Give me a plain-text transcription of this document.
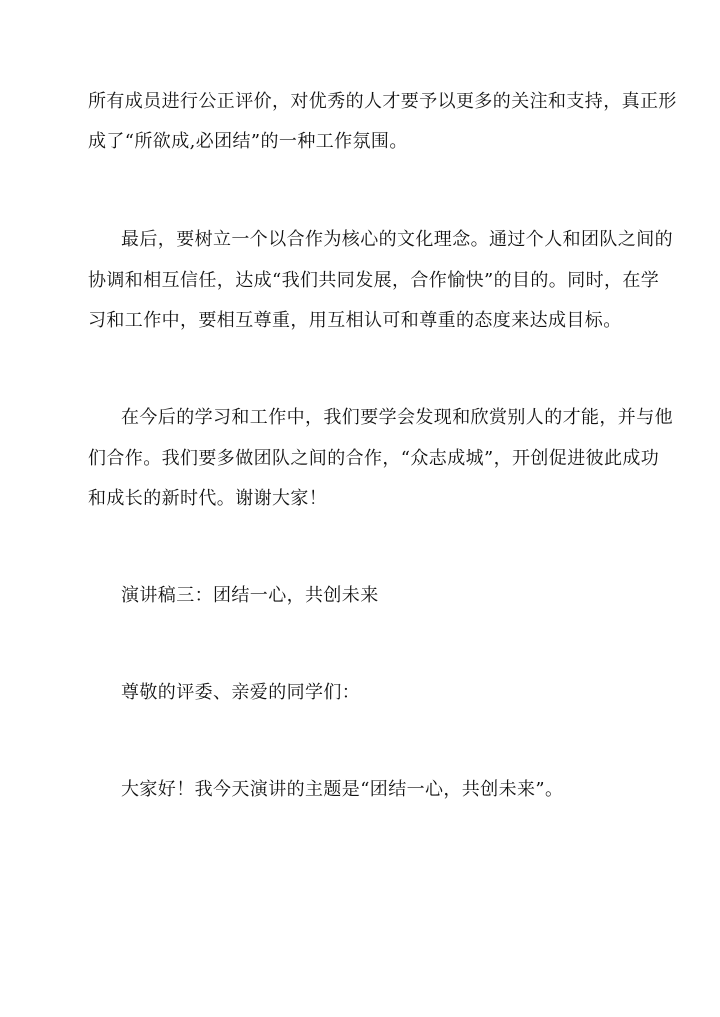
所有成员进行公正评价，对优秀的人才要予以更多的关注和支持，真正形
成了“所欲成,必团结”的一种工作氛围。
最后，要树立一个以合作为核心的文化理念。通过个人和团队之间的
协调和相互信任，达成“我们共同发展，合作愉快”的目的。同时，在学
习和工作中，要相互尊重，用互相认可和尊重的态度来达成目标。
在今后的学习和工作中，我们要学会发现和欣赏别人的才能，并与他
们合作。我们要多做团队之间的合作，“众志成城”，开创促进彼此成功
和成长的新时代。谢谢大家！
演讲稿三：团结一心，共创未来
尊敬的评委、亲爱的同学们：
大家好！我今天演讲的主题是“团结一心，共创未来”。
